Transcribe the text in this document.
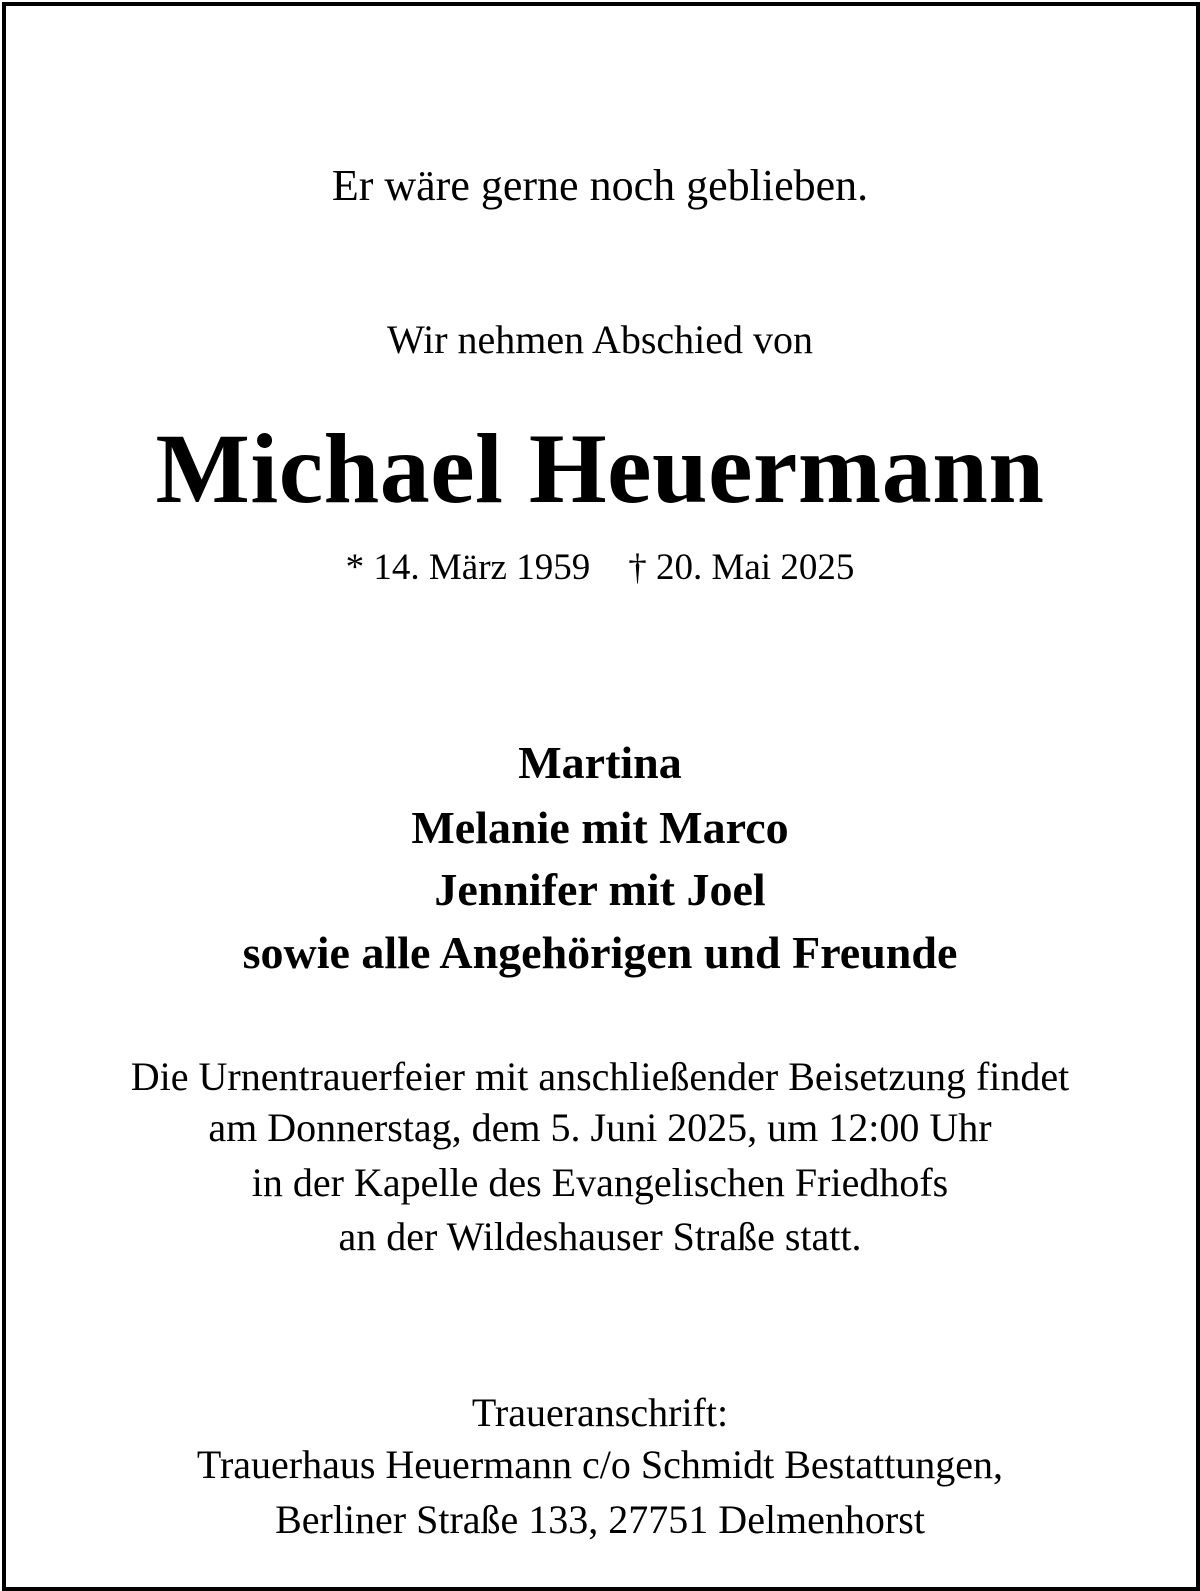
Er wäre gerne noch geblieben.
Wir nehmen Abschied von
Michael Heuermann
* 14. März 1959 † 20. Mai 2025
Martina
Melanie mit Marco
Jennifer mit Joel
sowie alle Angehörigen und Freunde
Die Urnentrauerfeier mit anschließender Beisetzung findet
am Donnerstag, dem 5. Juni 2025, um 12:00 Uhr
in der Kapelle des Evangelischen Friedhofs
an der Wildeshauser Straße statt.
Traueranschrift:
Trauerhaus Heuermann c/o Schmidt Bestattungen,
Berliner Straße 133, 27751 Delmenhorst
